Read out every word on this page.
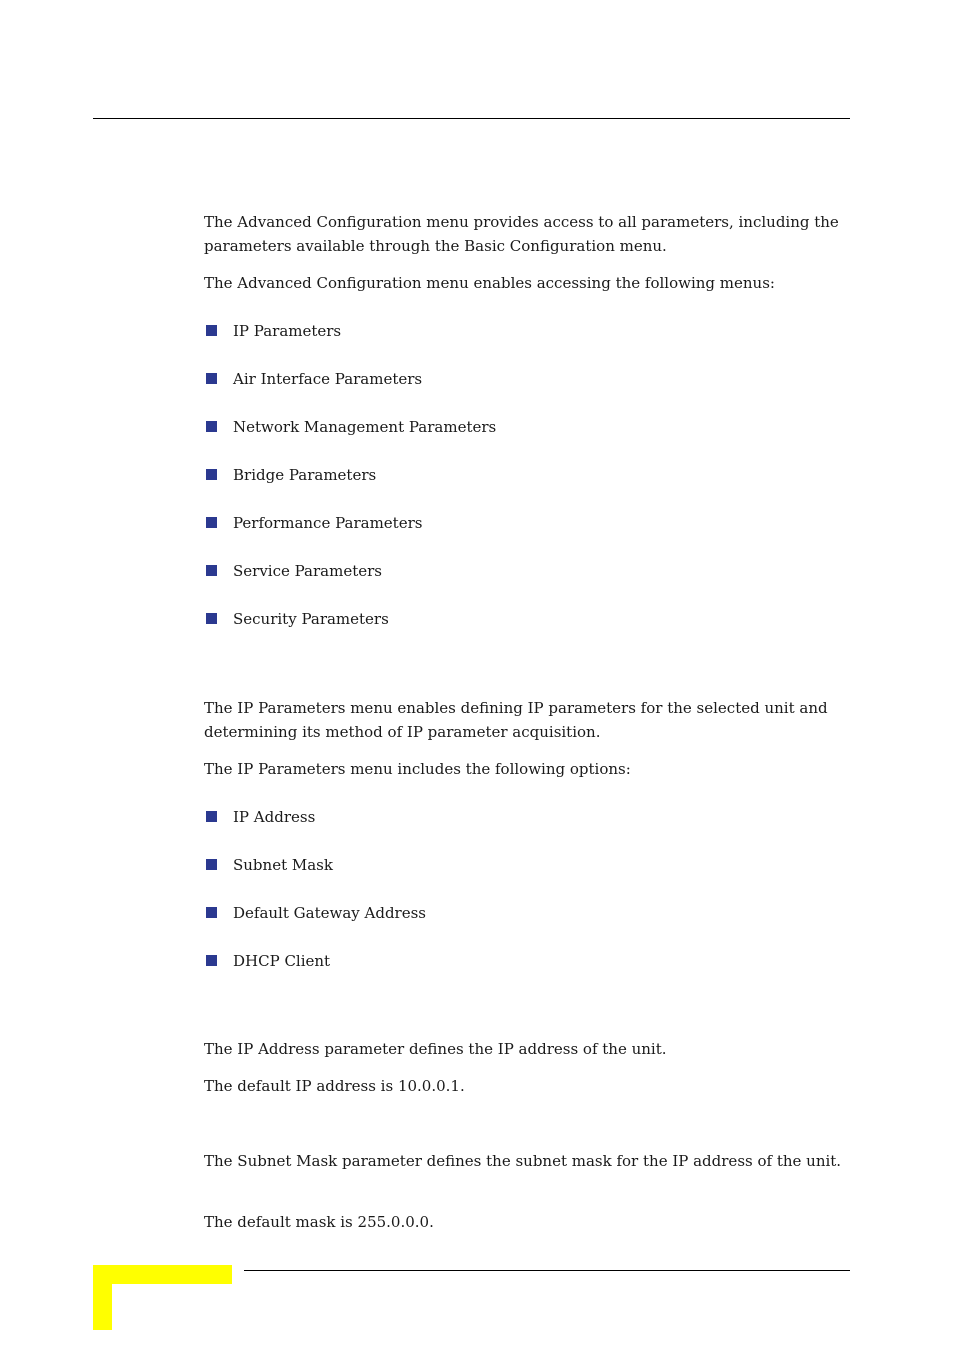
The Advanced Configuration menu provides access to all parameters, including the parameters available through the Basic Configuration menu.

The Advanced Configuration menu enables accessing the following menus:

IP Parameters
Air Interface Parameters
Network Management Parameters
Bridge Parameters
Performance Parameters
Service Parameters
Security Parameters

The IP Parameters menu enables defining IP parameters for the selected unit and determining its method of IP parameter acquisition.

The IP Parameters menu includes the following options:

IP Address
Subnet Mask
Default Gateway Address
DHCP Client

The IP Address parameter defines the IP address of the unit.

The default IP address is 10.0.0.1.

The Subnet Mask parameter defines the subnet mask for the IP address of the unit.

The default mask is 255.0.0.0.
